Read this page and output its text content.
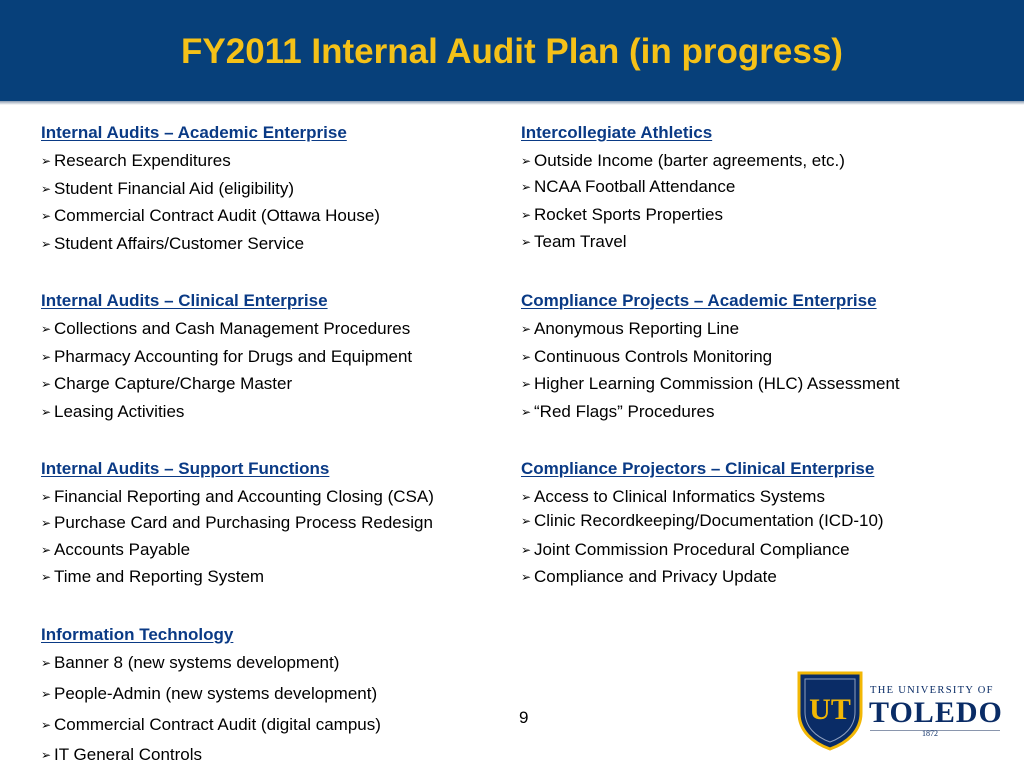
FY2011 Internal Audit Plan (in progress)
Internal Audits – Academic Enterprise
➢ Research Expenditures
➢ Student Financial Aid (eligibility)
➢ Commercial Contract Audit (Ottawa House)
➢ Student Affairs/Customer Service
Internal Audits – Clinical Enterprise
➢ Collections and Cash Management Procedures
➢ Pharmacy Accounting for Drugs and Equipment
➢ Charge Capture/Charge Master
➢ Leasing Activities
Internal Audits – Support Functions
➢ Financial Reporting and Accounting Closing (CSA)
➢ Purchase Card and Purchasing Process Redesign
➢ Accounts Payable
➢ Time and Reporting System
Information Technology
➢ Banner 8 (new systems development)
➢ People-Admin (new systems development)
➢ Commercial Contract Audit (digital campus)
➢ IT General Controls
Intercollegiate Athletics
➢ Outside Income (barter agreements, etc.)
➢ NCAA Football Attendance
➢ Rocket Sports Properties
➢ Team Travel
Compliance Projects – Academic Enterprise
➢ Anonymous Reporting Line
➢ Continuous Controls Monitoring
➢ Higher Learning Commission (HLC) Assessment
➢ “Red Flags” Procedures
Compliance Projectors – Clinical Enterprise
➢ Access to Clinical Informatics Systems
➢ Clinic Recordkeeping/Documentation (ICD-10)
➢ Joint Commission Procedural Compliance
➢ Compliance and Privacy Update
9	UT
THE UNIVERSITY OF
TOLEDO
1872
